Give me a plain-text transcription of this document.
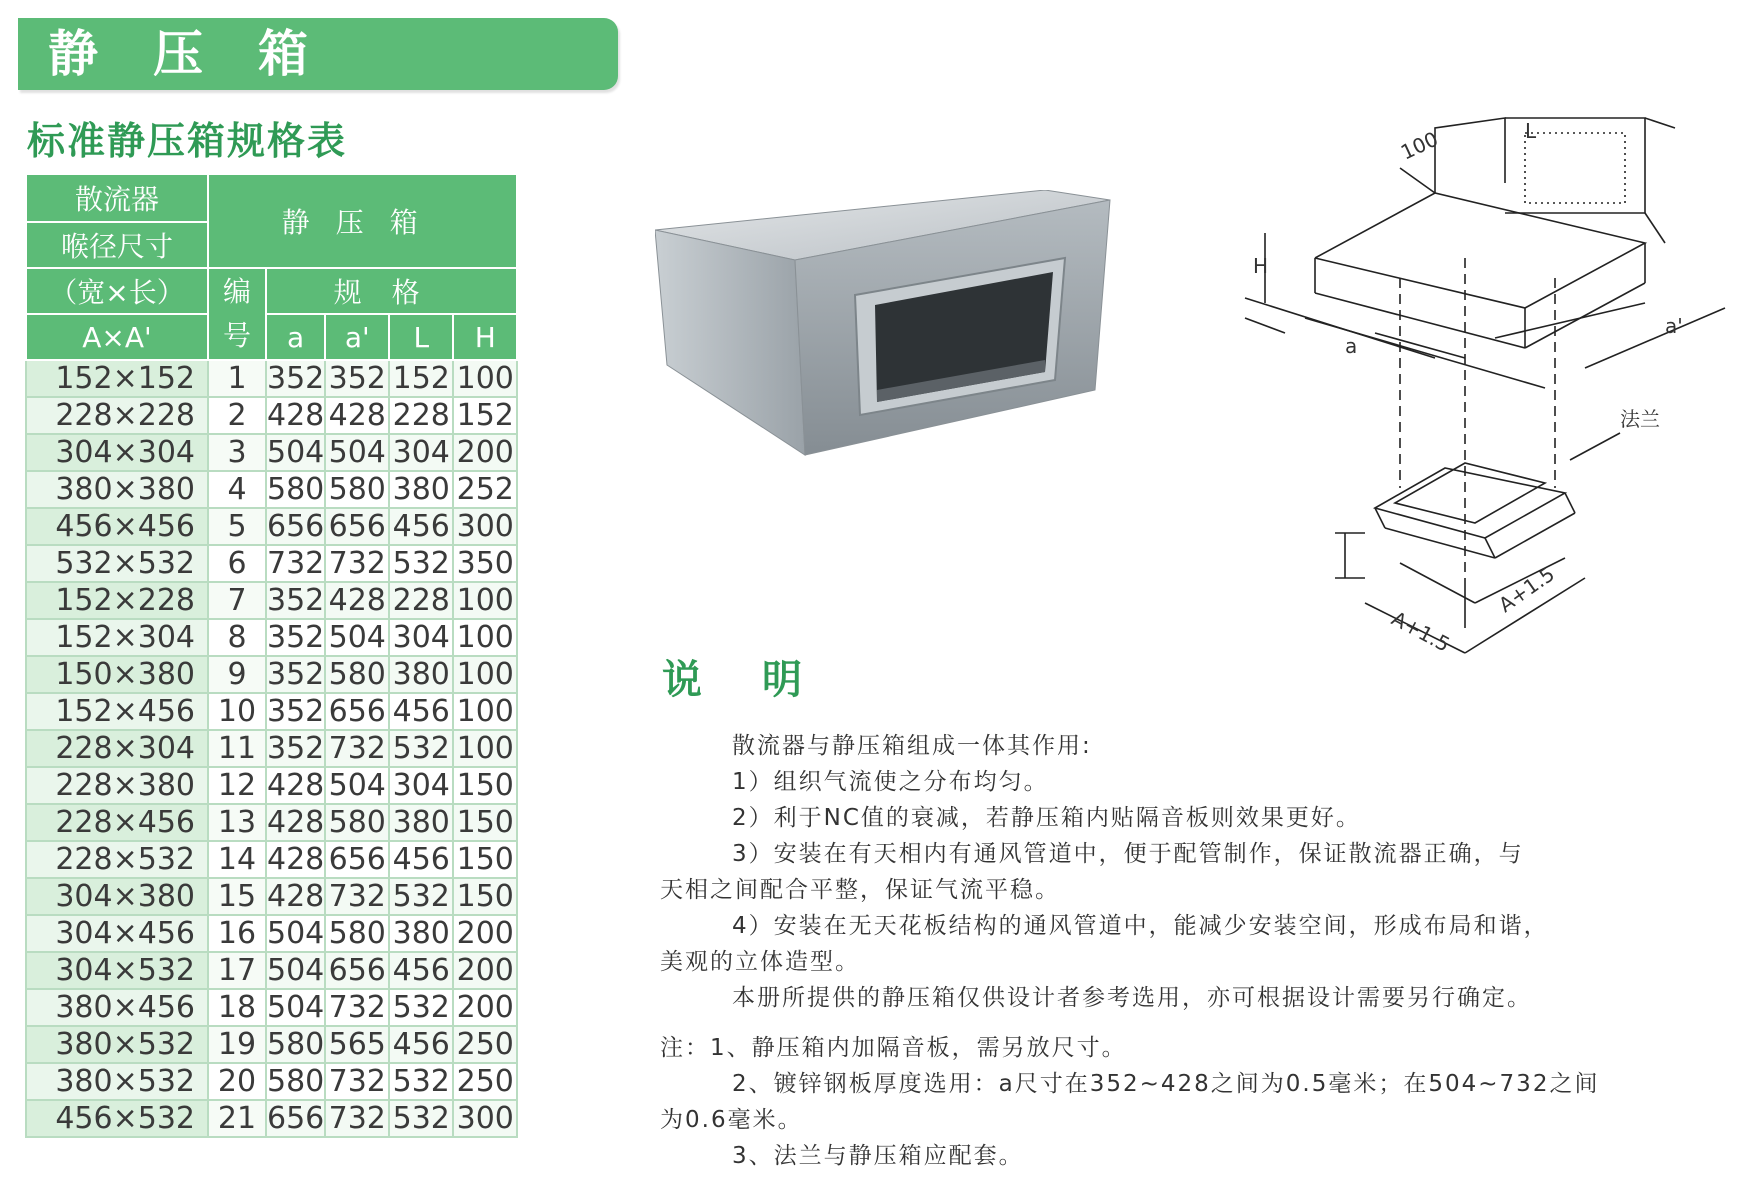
静压箱
标准静压箱规格表
散流器	静压箱				
喉径尺寸					
（宽×长）	编号	规格			
A×A'		a	a'	L	H
152×152	1	352	352	152	100
228×228	2	428	428	228	152
304×304	3	504	504	304	200
380×380	4	580	580	380	252
456×456	5	656	656	456	300
532×532	6	732	732	532	350
152×228	7	352	428	228	100
152×304	8	352	504	304	100
150×380	9	352	580	380	100
152×456	10	352	656	456	100
228×304	11	352	732	532	100
228×380	12	428	504	304	150
228×456	13	428	580	380	150
228×532	14	428	656	456	150
304×380	15	428	732	532	150
304×456	16	504	580	380	200
304×532	17	504	656	456	200
380×456	18	504	732	532	200
380×532	19	580	565	456	250
380×532	20	580	732	532	250
456×532	21	656	732	532	300
H
L
a
a'
100
法兰
A+1.5
A+1.5
说明

散流器与静压箱组成一体其作用:

1）组织气流使之分布均匀。

2）利于NC值的衰减，若静压箱内贴隔音板则效果更好。

3）安装在有天相内有通风管道中，便于配管制作，保证散流器正确，与

天相之间配合平整，保证气流平稳。

4）安装在无天花板结构的通风管道中，能减少安装空间，形成布局和谐，

美观的立体造型。

本册所提供的静压箱仅供设计者参考选用，亦可根据设计需要另行确定。

注：1、静压箱内加隔音板，需另放尺寸。

2、镀锌钢板厚度选用：a尺寸在352~428之间为0.5毫米；在504~732之间

为0.6毫米。

3、法兰与静压箱应配套。
